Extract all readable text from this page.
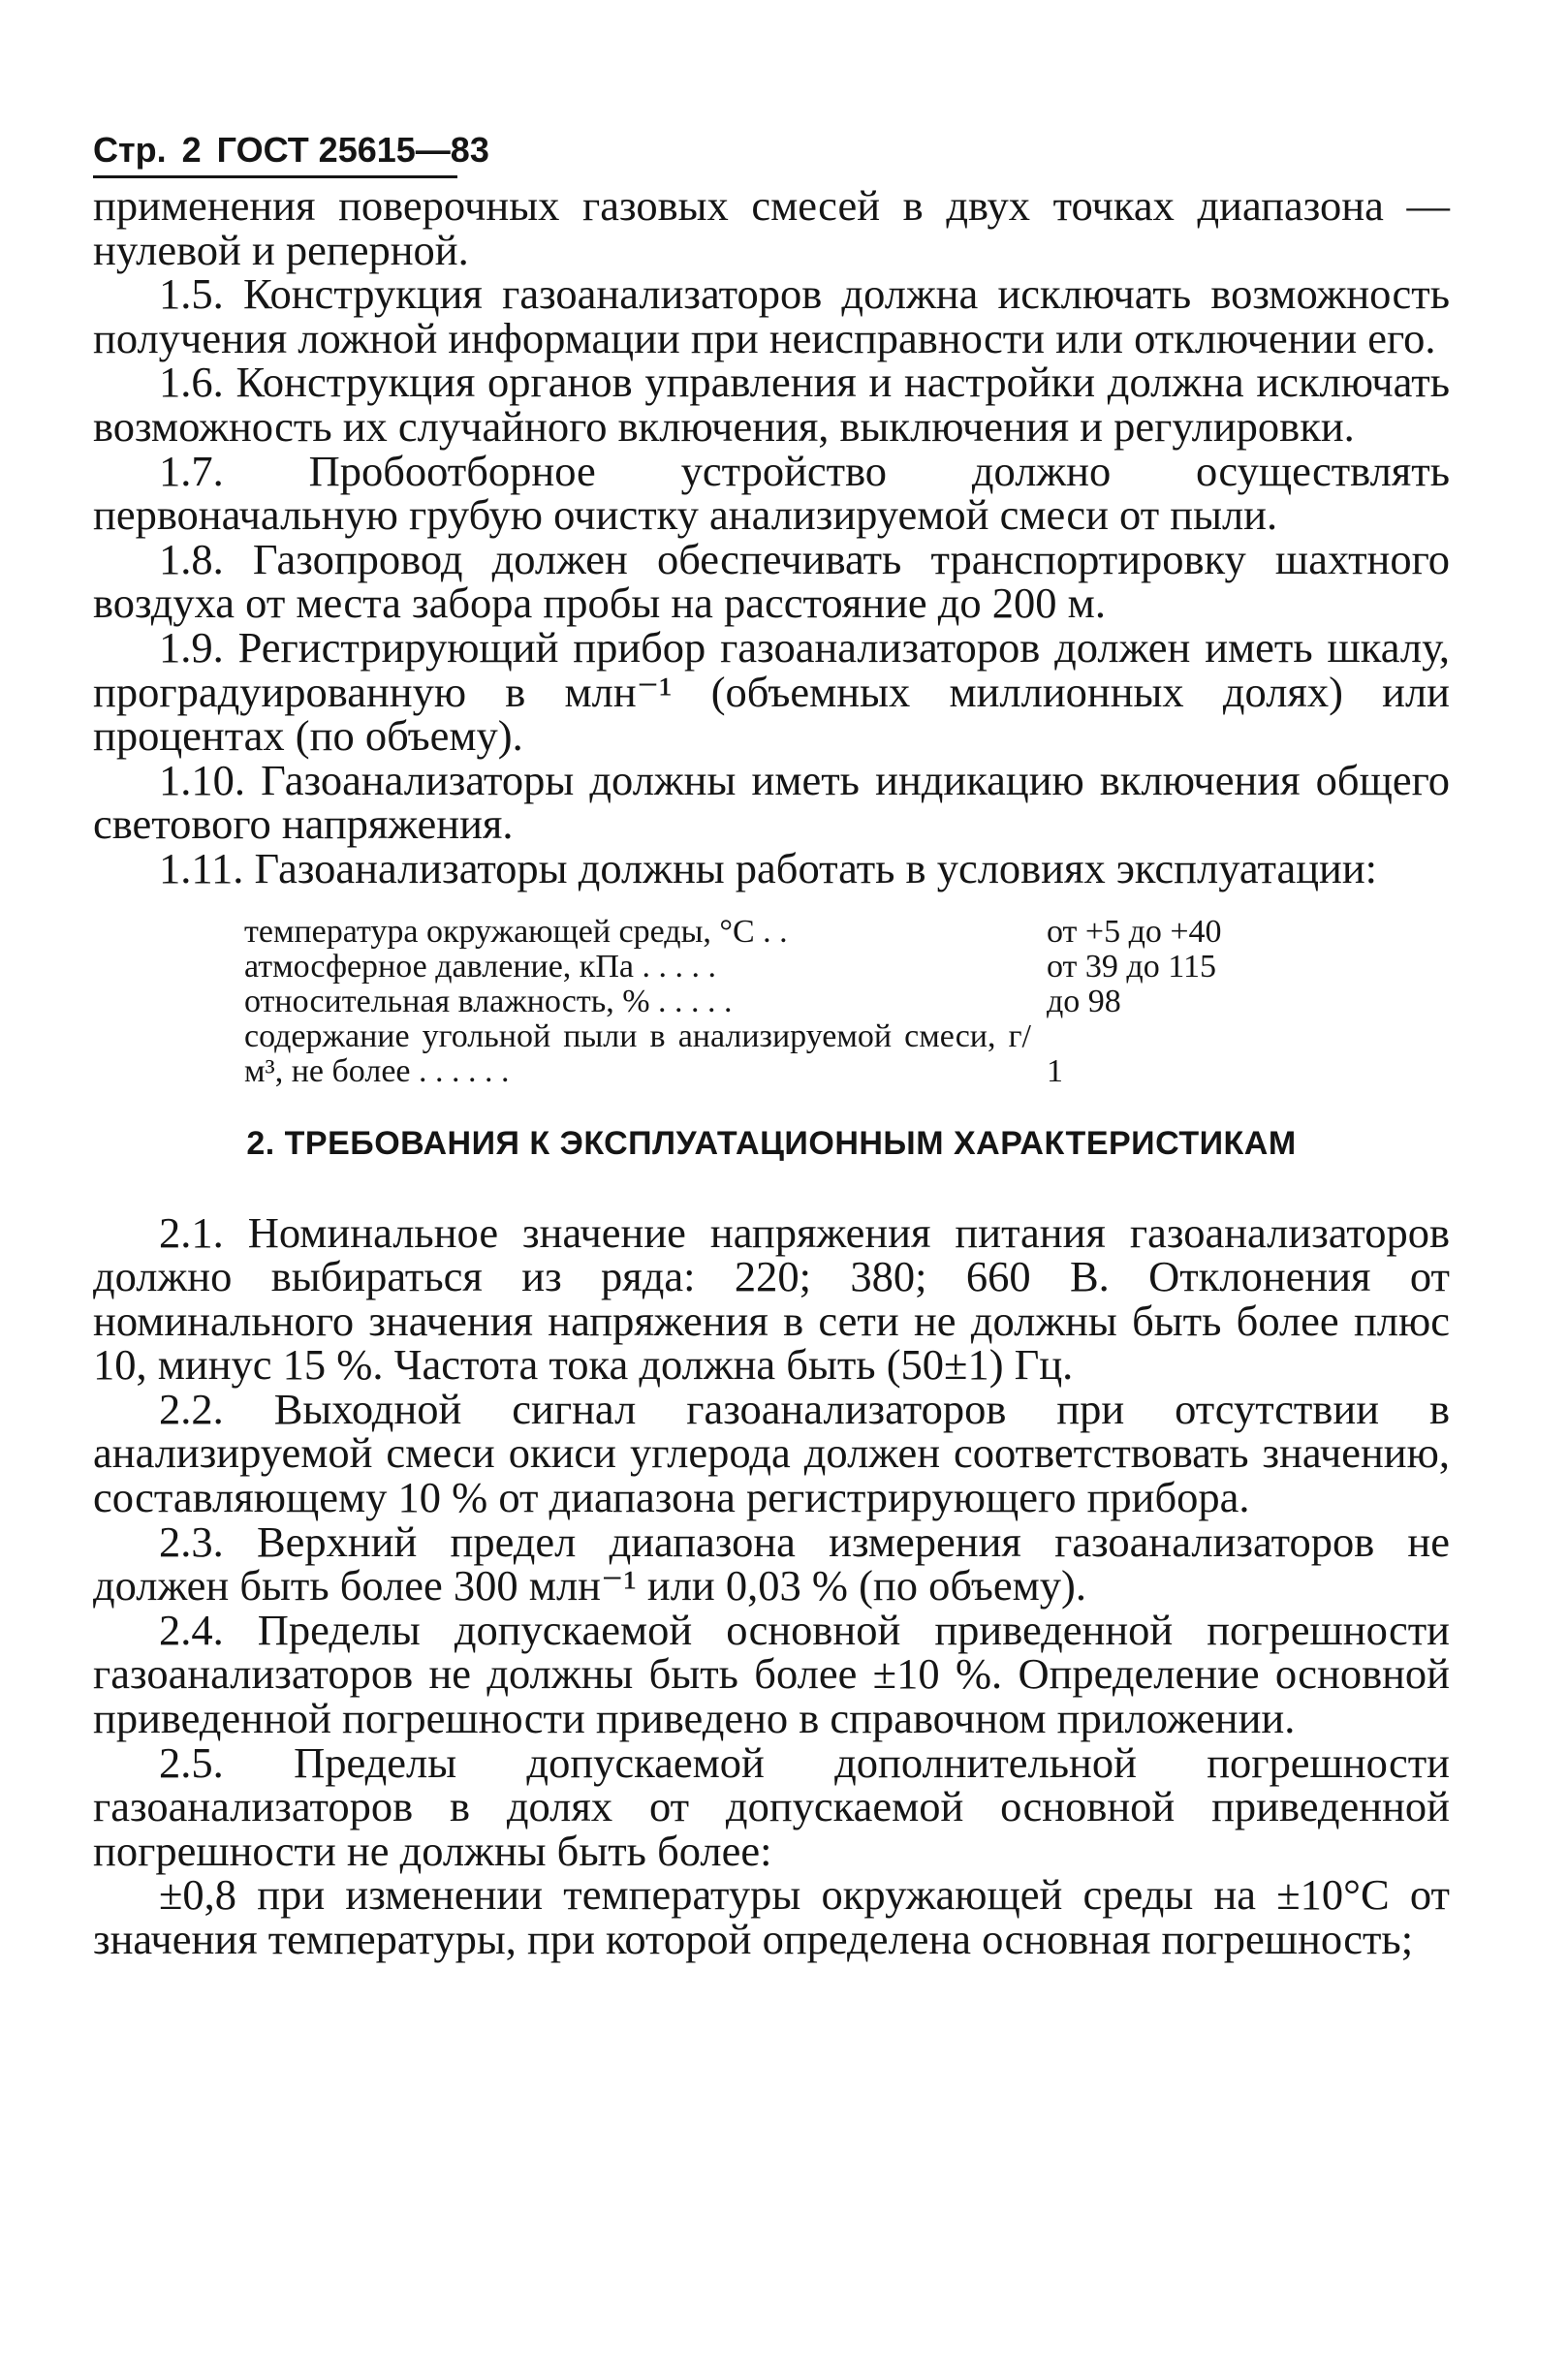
Стр. 2 ГОСТ 25615—83

применения поверочных газовых смесей в двух точках диапазона — нулевой и реперной.

1.5. Конструкция газоанализаторов должна исключать возможность получения ложной информации при неисправности или отключении его.

1.6. Конструкция органов управления и настройки должна исключать возможность их случайного включения, выключения и регулировки.

1.7. Пробоотборное устройство должно осуществлять первоначальную грубую очистку анализируемой смеси от пыли.

1.8. Газопровод должен обеспечивать транспортировку шахтного воздуха от места забора пробы на расстояние до 200 м.

1.9. Регистрирующий прибор газоанализаторов должен иметь шкалу, проградуированную в млн⁻¹ (объемных миллионных долях) или процентах (по объему).

1.10. Газоанализаторы должны иметь индикацию включения общего светового напряжения.

1.11. Газоанализаторы должны работать в условиях эксплуатации:

температура окружающей среды, °С . .	от +5 до +40
атмосферное давление, кПа . . . . .	от 39 до 115
относительная влажность, % . . . . .	до 98
содержание угольной пыли в анализируемой смеси, г/м³, не более . . . . . .	1
2. ТРЕБОВАНИЯ К ЭКСПЛУАТАЦИОННЫМ ХАРАКТЕРИСТИКАМ

2.1. Номинальное значение напряжения питания газоанализаторов должно выбираться из ряда: 220; 380; 660 В. Отклонения от номинального значения напряжения в сети не должны быть более плюс 10, минус 15 %. Частота тока должна быть (50±1) Гц.

2.2. Выходной сигнал газоанализаторов при отсутствии в анализируемой смеси окиси углерода должен соответствовать значению, составляющему 10 % от диапазона регистрирующего прибора.

2.3. Верхний предел диапазона измерения газоанализаторов не должен быть более 300 млн⁻¹ или 0,03 % (по объему).

2.4. Пределы допускаемой основной приведенной погрешности газоанализаторов не должны быть более ±10 %. Определение основной приведенной погрешности приведено в справочном приложении.

2.5. Пределы допускаемой дополнительной погрешности газоанализаторов в долях от допускаемой основной приведенной погрешности не должны быть более:

±0,8 при изменении температуры окружающей среды на ±10°С от значения температуры, при которой определена основная погрешность;
